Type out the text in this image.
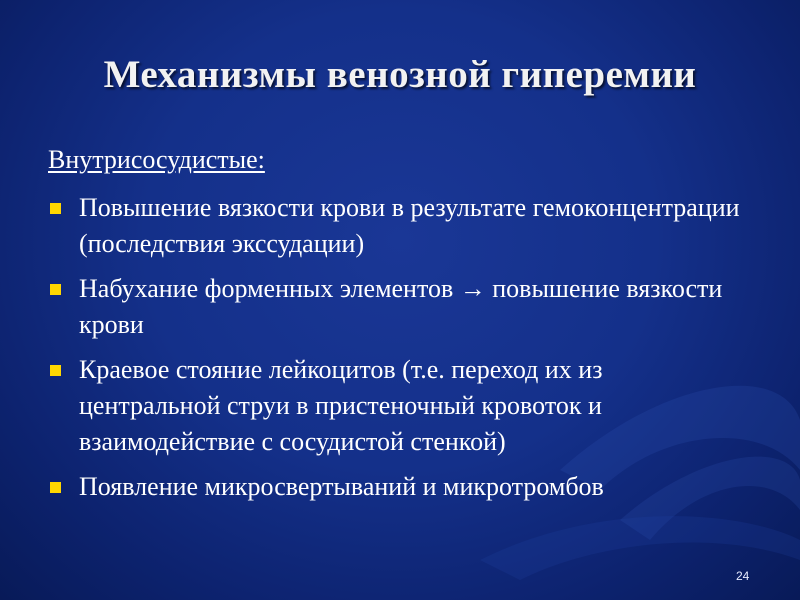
Механизмы венозной гиперемии
Внутрисосудистые:
Повышение вязкости крови в результате гемоконцентрации (последствия экссудации)
Набухание форменных элементов → повышение вязкости крови
Краевое стояние лейкоцитов (т.е. переход их из центральной струи в пристеночный кровоток и взаимодействие с сосудистой стенкой)
Появление микросвертываний и микротромбов
24
